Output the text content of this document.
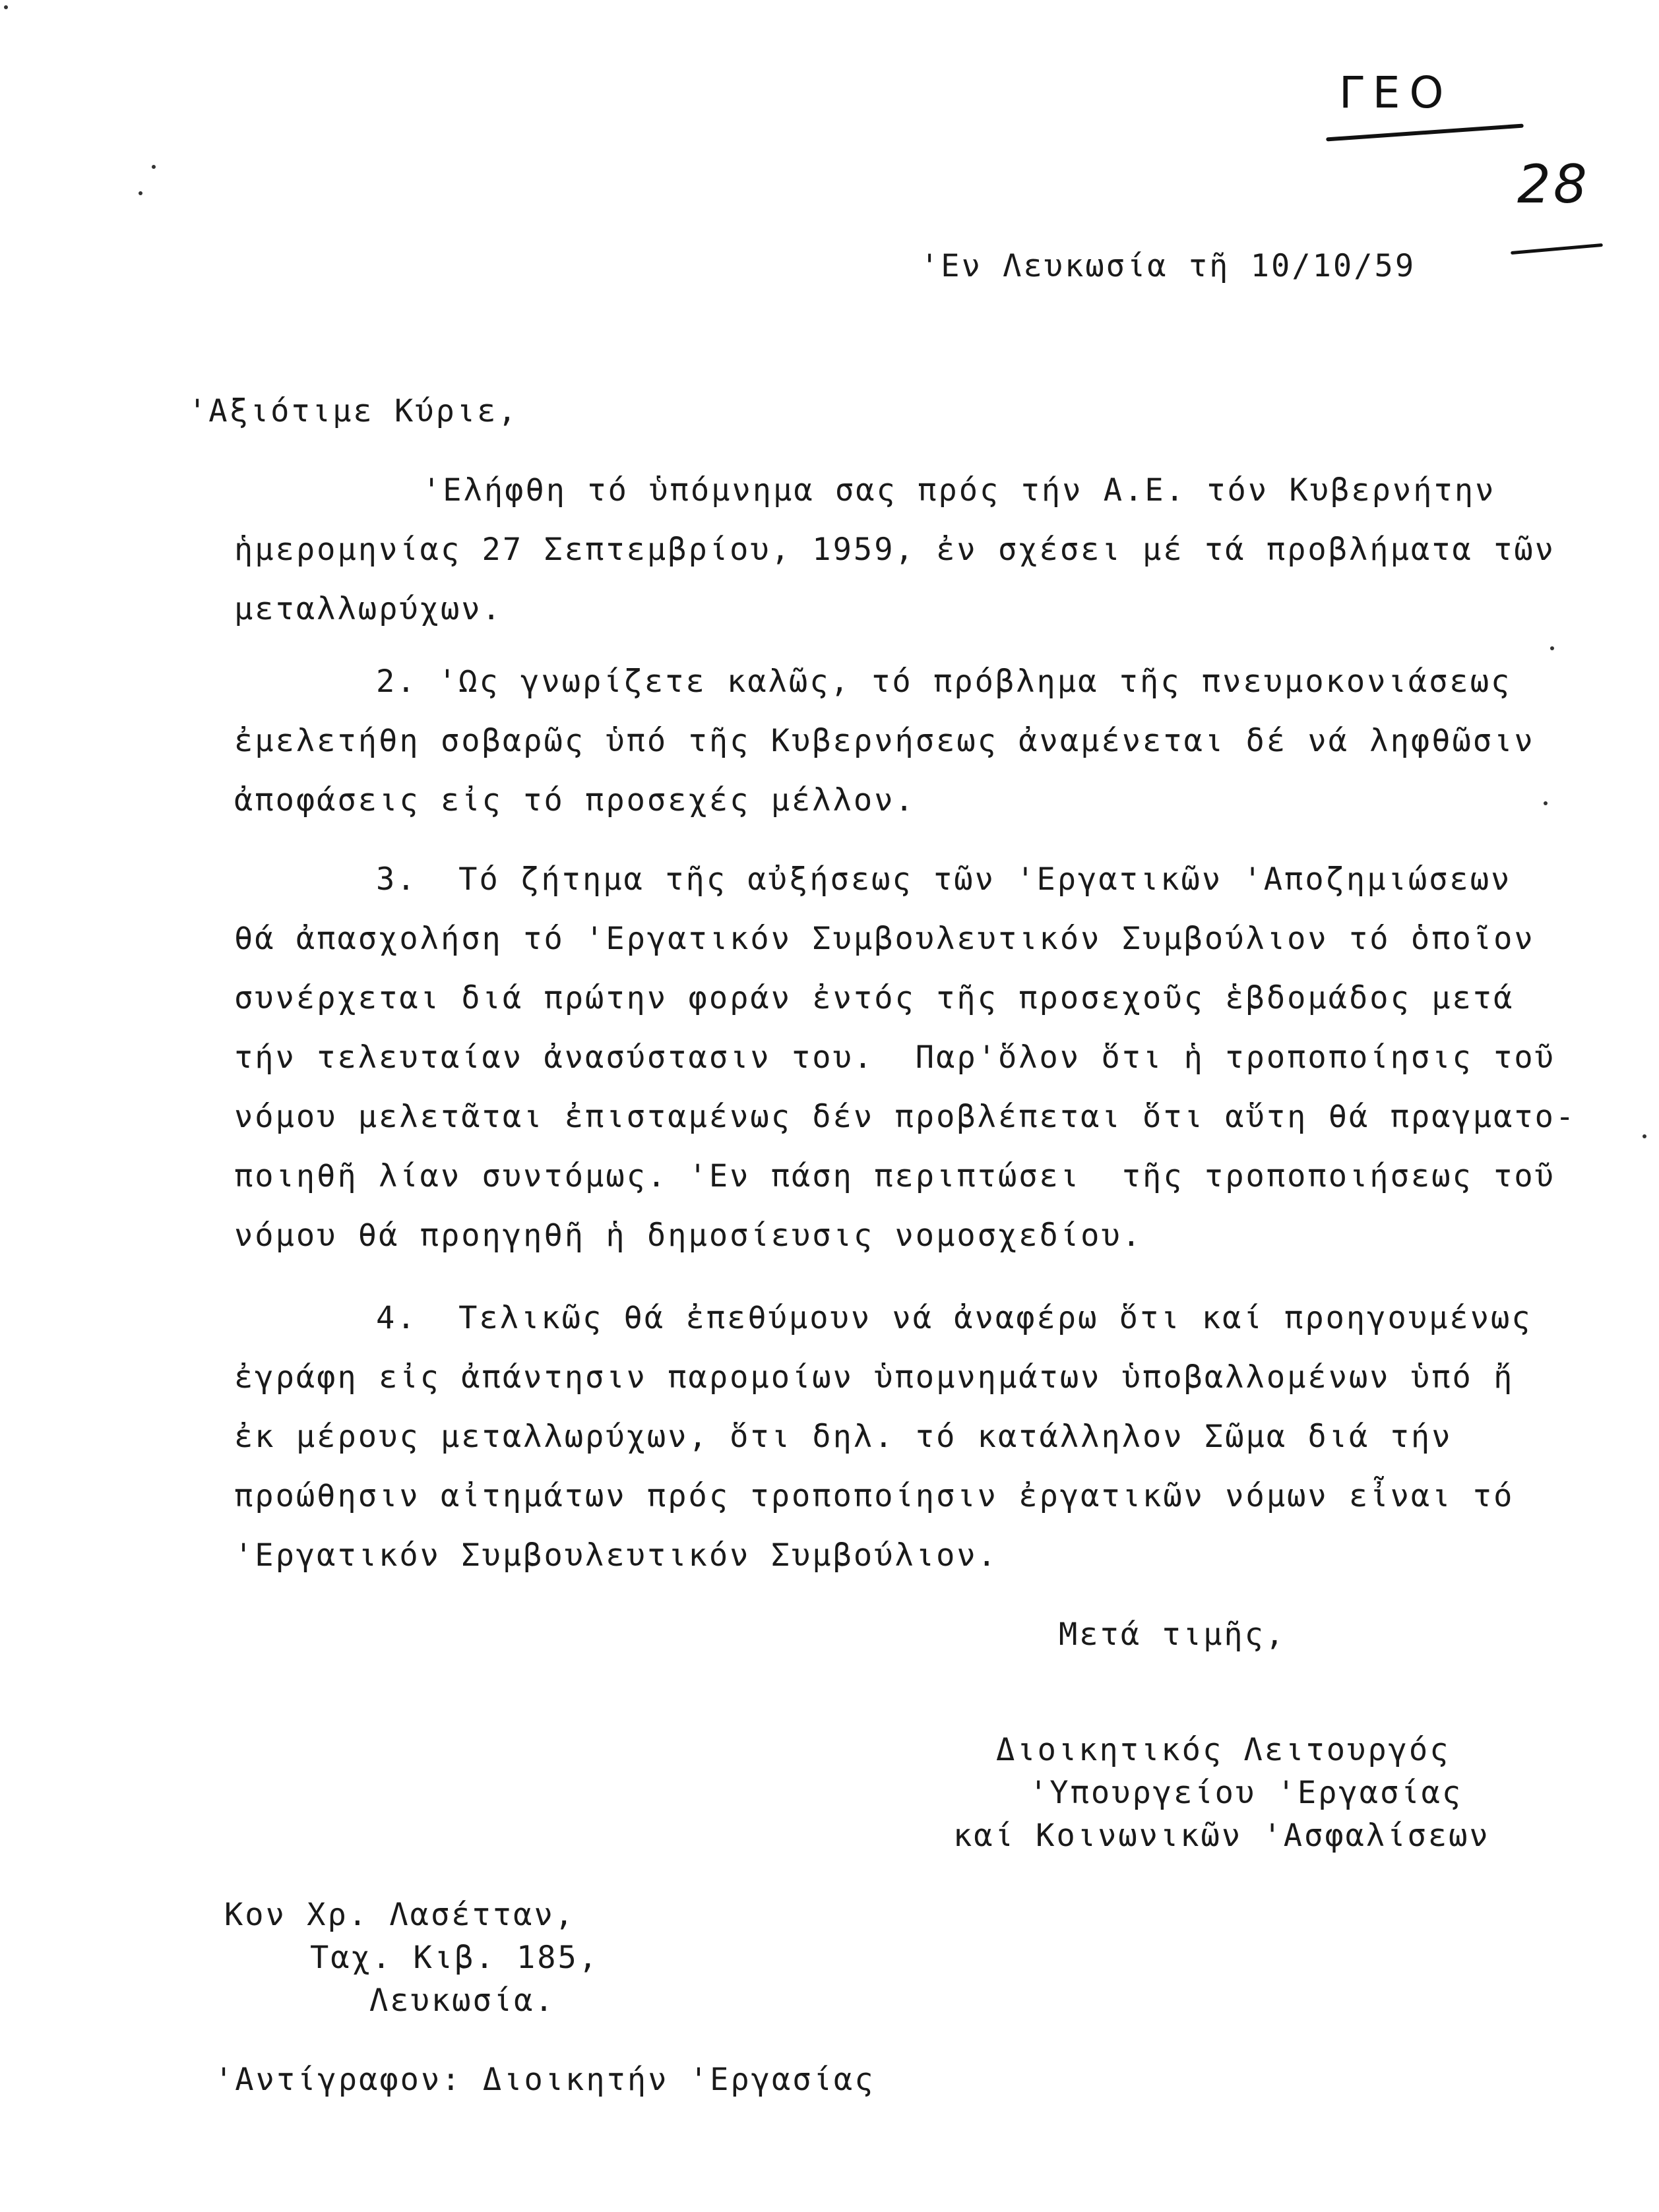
ΓΕΟ
28
'Εν Λευκωσία τῆ 10/10/59
'Αξιότιμε Κύριε,
'Ελήφθη τό ὑπόμνημα σας πρός τήν Α.Ε. τόν Κυβερνήτην
ἡμερομηνίας 27 Σεπτεμβρίου, 1959, ἐν σχέσει μέ τά προβλήματα τῶν
μεταλλωρύχων.
2. 'Ως γνωρίζετε καλῶς, τό πρόβλημα τῆς πνευμοκονιάσεως
ἐμελετήθη σοβαρῶς ὑπό τῆς Κυβερνήσεως ἀναμένεται δέ νά ληφθῶσιν
ἀποφάσεις εἰς τό προσεχές μέλλον.
3.  Τό ζήτημα τῆς αὐξήσεως τῶν 'Εργατικῶν 'Αποζημιώσεων
θά ἀπασχολήση τό 'Εργατικόν Συμβουλευτικόν Συμβούλιον τό ὁποῖον
συνέρχεται διά πρώτην φοράν ἐντός τῆς προσεχοῦς ἑβδομάδος μετά
τήν τελευταίαν ἀνασύστασιν του.  Παρ'ὅλον ὅτι ἡ τροποποίησις τοῦ
νόμου μελετᾶται ἐπισταμένως δέν προβλέπεται ὅτι αὕτη θά πραγματο-
ποιηθῆ λίαν συντόμως. 'Εν πάση περιπτώσει  τῆς τροποποιήσεως τοῦ
νόμου θά προηγηθῆ ἡ δημοσίευσις νομοσχεδίου.
4.  Τελικῶς θά ἐπεθύμουν νά ἀναφέρω ὅτι καί προηγουμένως
ἐγράφη εἰς ἀπάντησιν παρομοίων ὑπομνημάτων ὑποβαλλομένων ὑπό ἤ
ἐκ μέρους μεταλλωρύχων, ὅτι δηλ. τό κατάλληλον Σῶμα διά τήν
προώθησιν αἰτημάτων πρός τροποποίησιν ἐργατικῶν νόμων εἶναι τό
'Εργατικόν Συμβουλευτικόν Συμβούλιον.
Μετά τιμῆς,
Διοικητικός Λειτουργός
'Υπουργείου 'Εργασίας
καί Κοινωνικῶν 'Ασφαλίσεων
Κον Χρ. Λασέτταν,
Ταχ. Κιβ. 185,
Λευκωσία.
'Αντίγραφον: Διοικητήν 'Εργασίας
